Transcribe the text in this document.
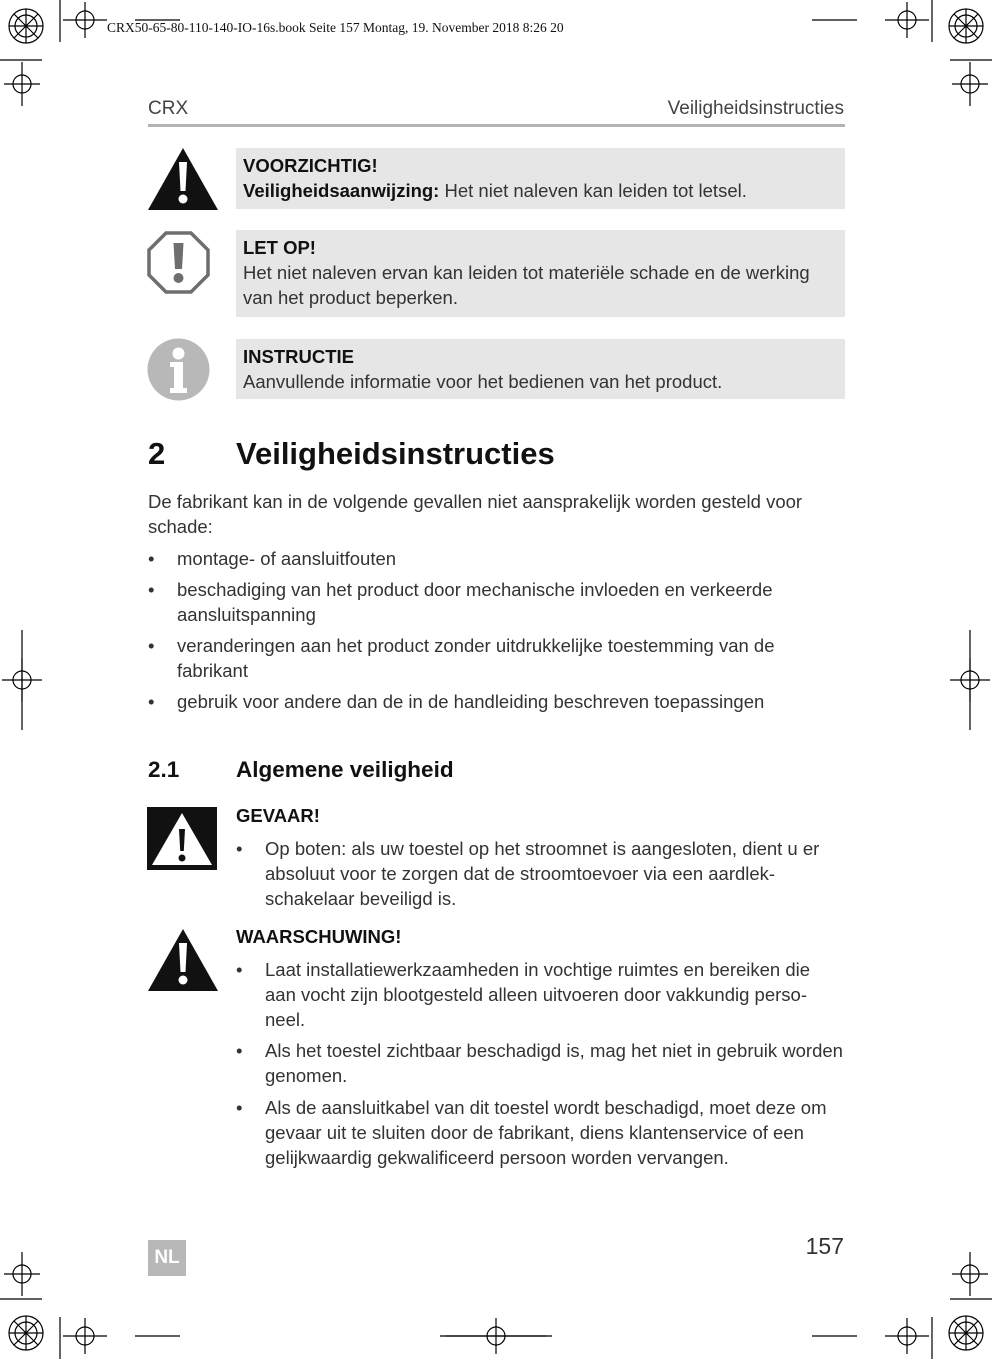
CRX50-65-80-110-140-IO-16s.book Seite 157 Montag, 19. November 2018 8:26 20
CRX	Veiligheidsinstructies
VOORZICHTIG!
Veiligheidsaanwijzing: Het niet naleven kan leiden tot letsel.
LET OP!
Het niet naleven ervan kan leiden tot materiële schade en de werking van het product beperken.
INSTRUCTIE
Aanvullende informatie voor het bedienen van het product.
2 Veiligheidsinstructies
De fabrikant kan in de volgende gevallen niet aansprakelijk worden gesteld voor schade:
• montage- of aansluitfouten
• beschadiging van het product door mechanische invloeden en verkeerde aansluitspanning
• veranderingen aan het product zonder uitdrukkelijke toestemming van de fabrikant
• gebruik voor andere dan de in de handleiding beschreven toepassingen
2.1	Algemene veiligheid
GEVAAR!
• Op boten: als uw toestel op het stroomnet is aangesloten, dient u er absoluut voor te zorgen dat de stroomtoevoer via een aardlek-schakelaar beveiligd is.
WAARSCHUWING!
• Laat installatiewerkzaamheden in vochtige ruimtes en bereiken die aan vocht zijn blootgesteld alleen uitvoeren door vakkundig perso-neel.
• Als het toestel zichtbaar beschadigd is, mag het niet in gebruik worden genomen.
• Als de aansluitkabel van dit toestel wordt beschadigd, moet deze om gevaar uit te sluiten door de fabrikant, diens klantenservice of een gelijkwaardig gekwalificeerd persoon worden vervangen.
157
NL
